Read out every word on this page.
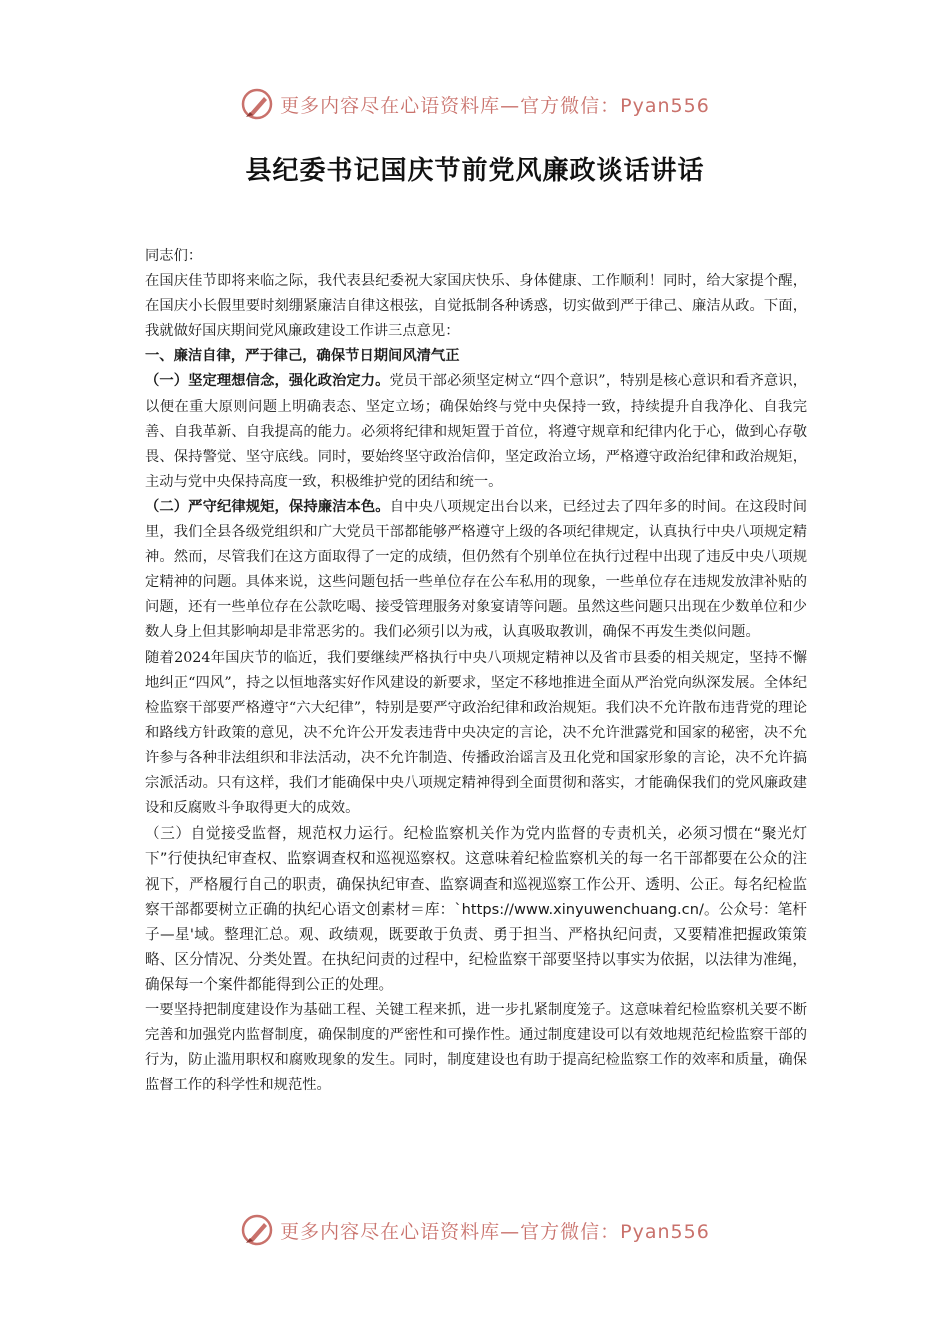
更多内容尽在心语资料库—官方微信：Pyan556
县纪委书记国庆节前党风廉政谈话讲话

同志们：

在国庆佳节即将来临之际，我代表县纪委祝大家国庆快乐、身体健康、工作顺利！同时，给大家提个醒，在国庆小长假里要时刻绷紧廉洁自律这根弦，自觉抵制各种诱惑，切实做到严于律己、廉洁从政。下面，我就做好国庆期间党风廉政建设工作讲三点意见：

一、廉洁自律，严于律己，确保节日期间风清气正

（一）坚定理想信念，强化政治定力。党员干部必须坚定树立“四个意识”，特别是核心意识和看齐意识，以便在重大原则问题上明确表态、坚定立场；确保始终与党中央保持一致，持续提升自我净化、自我完善、自我革新、自我提高的能力。必须将纪律和规矩置于首位，将遵守规章和纪律内化于心，做到心存敬畏、保持警觉、坚守底线。同时，要始终坚守政治信仰，坚定政治立场，严格遵守政治纪律和政治规矩，主动与党中央保持高度一致，积极维护党的团结和统一。

（二）严守纪律规矩，保持廉洁本色。自中央八项规定出台以来，已经过去了四年多的时间。在这段时间里，我们全县各级党组织和广大党员干部都能够严格遵守上级的各项纪律规定，认真执行中央八项规定精神。然而，尽管我们在这方面取得了一定的成绩，但仍然有个别单位在执行过程中出现了违反中央八项规定精神的问题。具体来说，这些问题包括一些单位存在公车私用的现象，一些单位存在违规发放津补贴的问题，还有一些单位存在公款吃喝、接受管理服务对象宴请等问题。虽然这些问题只出现在少数单位和少数人身上但其影响却是非常恶劣的。我们必须引以为戒，认真吸取教训，确保不再发生类似问题。

随着2024年国庆节的临近，我们要继续严格执行中央八项规定精神以及省市县委的相关规定，坚持不懈地纠正“四风”，持之以恒地落实好作风建设的新要求，坚定不移地推进全面从严治党向纵深发展。全体纪检监察干部要严格遵守“六大纪律”，特别是要严守政治纪律和政治规矩。我们决不允许散布违背党的理论和路线方针政策的意见，决不允许公开发表违背中央决定的言论，决不允许泄露党和国家的秘密，决不允许参与各种非法组织和非法活动，决不允许制造、传播政治谣言及丑化党和国家形象的言论，决不允许搞宗派活动。只有这样，我们才能确保中央八项规定精神得到全面贯彻和落实，才能确保我们的党风廉政建设和反腐败斗争取得更大的成效。

（三）自觉接受监督，规范权力运行。纪检监察机关作为党内监督的专责机关，必须习惯在“聚光灯下”行使执纪审查权、监察调查权和巡视巡察权。这意味着纪检监察机关的每一名干部都要在公众的注视下，严格履行自己的职责，确保执纪审查、监察调查和巡视巡察工作公开、透明、公正。每名纪检监察干部都要树立正确的执纪心语文创素材＝库：`https://www.xinyuwenchuang.cn/。公众号：笔杆子—星'域。整理汇总。观、政绩观，既要敢于负责、勇于担当、严格执纪问责，又要精准把握政策策略、区分情况、分类处置。在执纪问责的过程中，纪检监察干部要坚持以事实为依据，以法律为准绳，确保每一个案件都能得到公正的处理。

一要坚持把制度建设作为基础工程、关键工程来抓，进一步扎紧制度笼子。这意味着纪检监察机关要不断完善和加强党内监督制度，确保制度的严密性和可操作性。通过制度建设可以有效地规范纪检监察干部的行为，防止滥用职权和腐败现象的发生。同时，制度建设也有助于提高纪检监察工作的效率和质量，确保监督工作的科学性和规范性。

更多内容尽在心语资料库—官方微信：Pyan556
